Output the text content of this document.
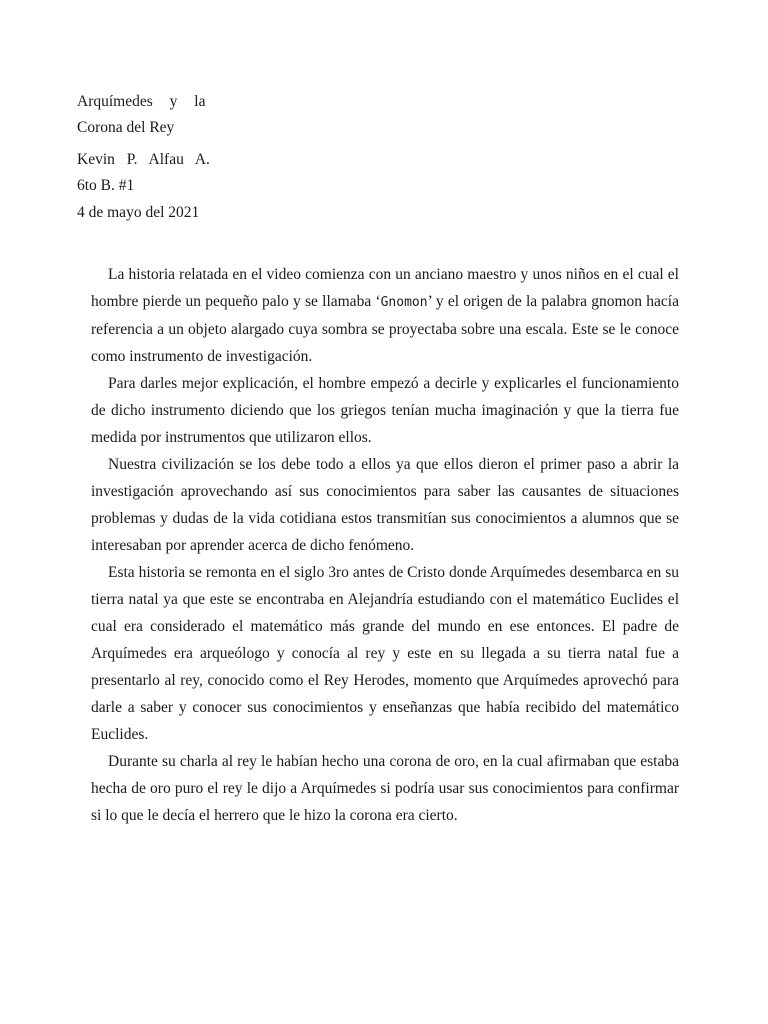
Arquímedes y la
Corona del Rey
Kevin P. Alfau A.
6to B. #1
4 de mayo del 2021

La historia relatada en el video comienza con un anciano maestro y unos niños en el cual el hombre pierde un pequeño palo y se llamaba ‘Gnomon’ y el origen de la palabra gnomon hacía referencia a un objeto alargado cuya sombra se proyectaba sobre una escala. Este se le conoce como instrumento de investigación.

Para darles mejor explicación, el hombre empezó a decirle y explicarles el funcionamiento de dicho instrumento diciendo que los griegos tenían mucha imaginación y que la tierra fue medida por instrumentos que utilizaron ellos.

Nuestra civilización se los debe todo a ellos ya que ellos dieron el primer paso a abrir la investigación aprovechando así sus conocimientos para saber las causantes de situaciones problemas y dudas de la vida cotidiana estos transmitían sus conocimientos a alumnos que se interesaban por aprender acerca de dicho fenómeno.

Esta historia se remonta en el siglo 3ro antes de Cristo donde Arquímedes desembarca en su tierra natal ya que este se encontraba en Alejandría estudiando con el matemático Euclides el cual era considerado el matemático más grande del mundo en ese entonces. El padre de Arquímedes era arqueólogo y conocía al rey y este en su llegada a su tierra natal fue a presentarlo al rey, conocido como el Rey Herodes, momento que Arquímedes aprovechó para darle a saber y conocer sus conocimientos y enseñanzas que había recibido del matemático Euclides.

Durante su charla al rey le habían hecho una corona de oro, en la cual afirmaban que estaba hecha de oro puro el rey le dijo a Arquímedes si podría usar sus conocimientos para confirmar si lo que le decía el herrero que le hizo la corona era cierto.
